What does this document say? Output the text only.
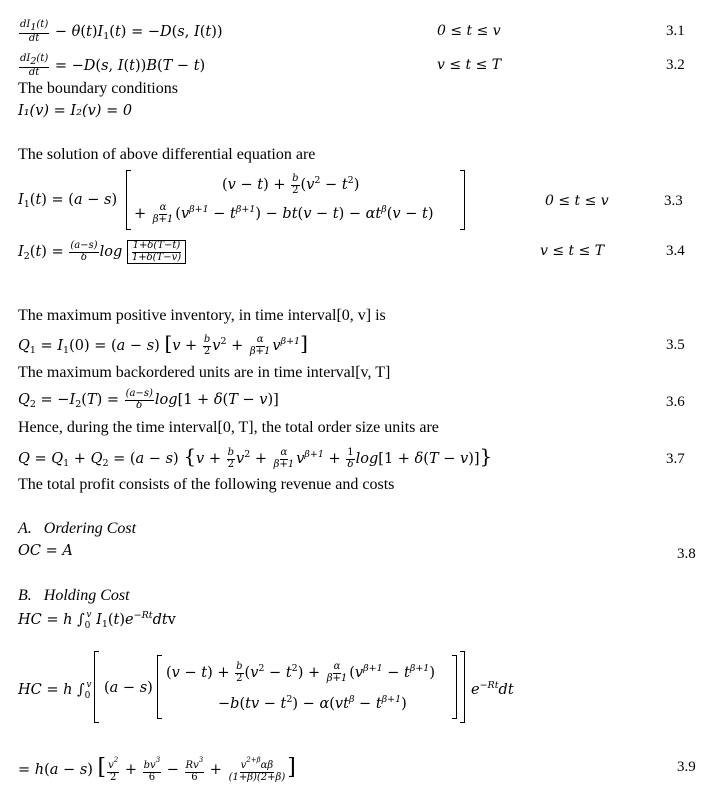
$\frac{dI1(t)}{dt} - \theta(t)I_1(t) = -D(s$, I(t))	0 ≤ t ≤ v	3.1
$\frac{dI2(t)}{dt} = -D(s$, I(t))B(T − t)	v ≤ t ≤ T	3.2
The boundary conditions
I₁(v) = I₂(v) = 0
The solution of above differential equation are
$I_1(t) = (a - s)$
$(v - t) + \frac{b}{2} (v^2 - t^2)$
+ $\frac{\alpha}{\beta+1} (v^{\beta+1} - t^{\beta+1}) - bt(v - t) - \alpha t^\beta(v - t)$
0 ≤ t ≤ v	3.3
$I_2(t) = \frac{(a-s)}{\delta}$ $\log \frac{1+\delta(T-t)}{1+\delta(T-v)}$	v ≤ t ≤ T	3.4
The maximum positive inventory, in time interval[0, v] is
$Q_1 = I_1(0) = (a - s) [v + \frac{b}{2} v^2 + \frac{\alpha}{\beta+1} v^{\beta+1}]$	3.5
The maximum backordered units are in time interval[v, T]
$Q_2 = -I_2(T) = \frac{(a-s)}{\delta} \log[1 + \delta(T - v)]$	3.6
Hence, during the time interval[0, T], the total order size units are
$Q = Q_1 + Q_2 = (a - s) \{v + \frac{b}{2} v^2 + \frac{\alpha}{\beta+1} v^{\beta+1} + \frac{1}{\delta} \log[1 + \delta(T - v)]\}$	3.7
The total profit consists of the following revenue and costs
A. Ordering Cost
OC = A	3.8
B. Holding Cost
HC = h $\int_0^v$ $I_1(t)e^{-Rt}dtv$
HC = h $\int_0^v$ (a − s)
$(v - t) + \frac{b}{2} (v^2 - t^2) + \frac{\alpha}{\beta+1} (v^{\beta+1} - t^{\beta+1})$
$-b(tv - t^2) - \alpha(vt^\beta - t^{\beta+1})$
$e^{-Rt}dt$
= h(a − s) [ $\frac{v^2}{2} + \frac{bv^3}{6} - \frac{Rv^3}{6} + \frac{v^{2+\beta}\alpha\beta}{(1+\beta)(2+\beta)}$ ]	3.9
